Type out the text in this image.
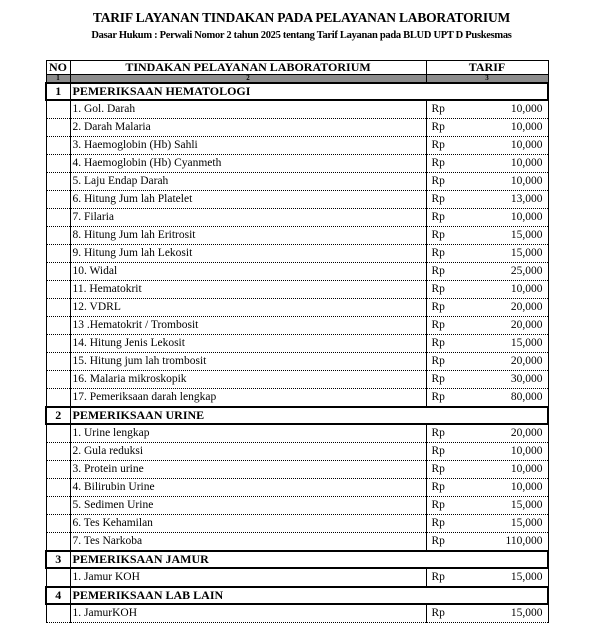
TARIF LAYANAN TINDAKAN PADA PELAYANAN LABORATORIUM
Dasar Hukum : Perwali Nomor 2 tahun 2025 tentang Tarif Layanan pada BLUD UPT D Puskesmas
NO	TINDAKAN PELAYANAN LABORATORIUM	TARIF
1	2	3
1	PEMERIKSAAN HEMATOLOGI	
	1. Gol. Darah	Rp 10,000

	2. Darah Malaria	Rp 10,000

	3. Haemoglobin (Hb) Sahli	Rp 10,000

	4. Haemoglobin (Hb) Cyanmeth	Rp 10,000

	5. Laju Endap Darah	Rp 10,000

	6. Hitung Jum lah Platelet	Rp 13,000

	7. Filaria	Rp 10,000

	8. Hitung Jum lah Eritrosit	Rp 15,000

	9. Hitung Jum lah Lekosit	Rp 15,000

	10. Widal	Rp 25,000

	11. Hematokrit	Rp 10,000

	12. VDRL	Rp 20,000

	13 .Hematokrit / Trombosit	Rp 20,000

	14. Hitung Jenis Lekosit	Rp 15,000

	15. Hitung jum lah trombosit	Rp 20,000

	16. Malaria mikroskopik	Rp 30,000

	17. Pemeriksaan darah lengkap	Rp 80,000

2	PEMERIKSAAN URINE	
	1. Urine lengkap	Rp 20,000

	2. Gula reduksi	Rp 10,000

	3. Protein urine	Rp 10,000

	4. Bilirubin Urine	Rp 10,000

	5. Sedimen Urine	Rp 15,000

	6. Tes Kehamilan	Rp 15,000

	7. Tes Narkoba	Rp 110,000

3	PEMERIKSAAN JAMUR	
	1. Jamur KOH	Rp 15,000

4	PEMERIKSAAN LAB LAIN	
	1. JamurKOH	Rp 15,000
